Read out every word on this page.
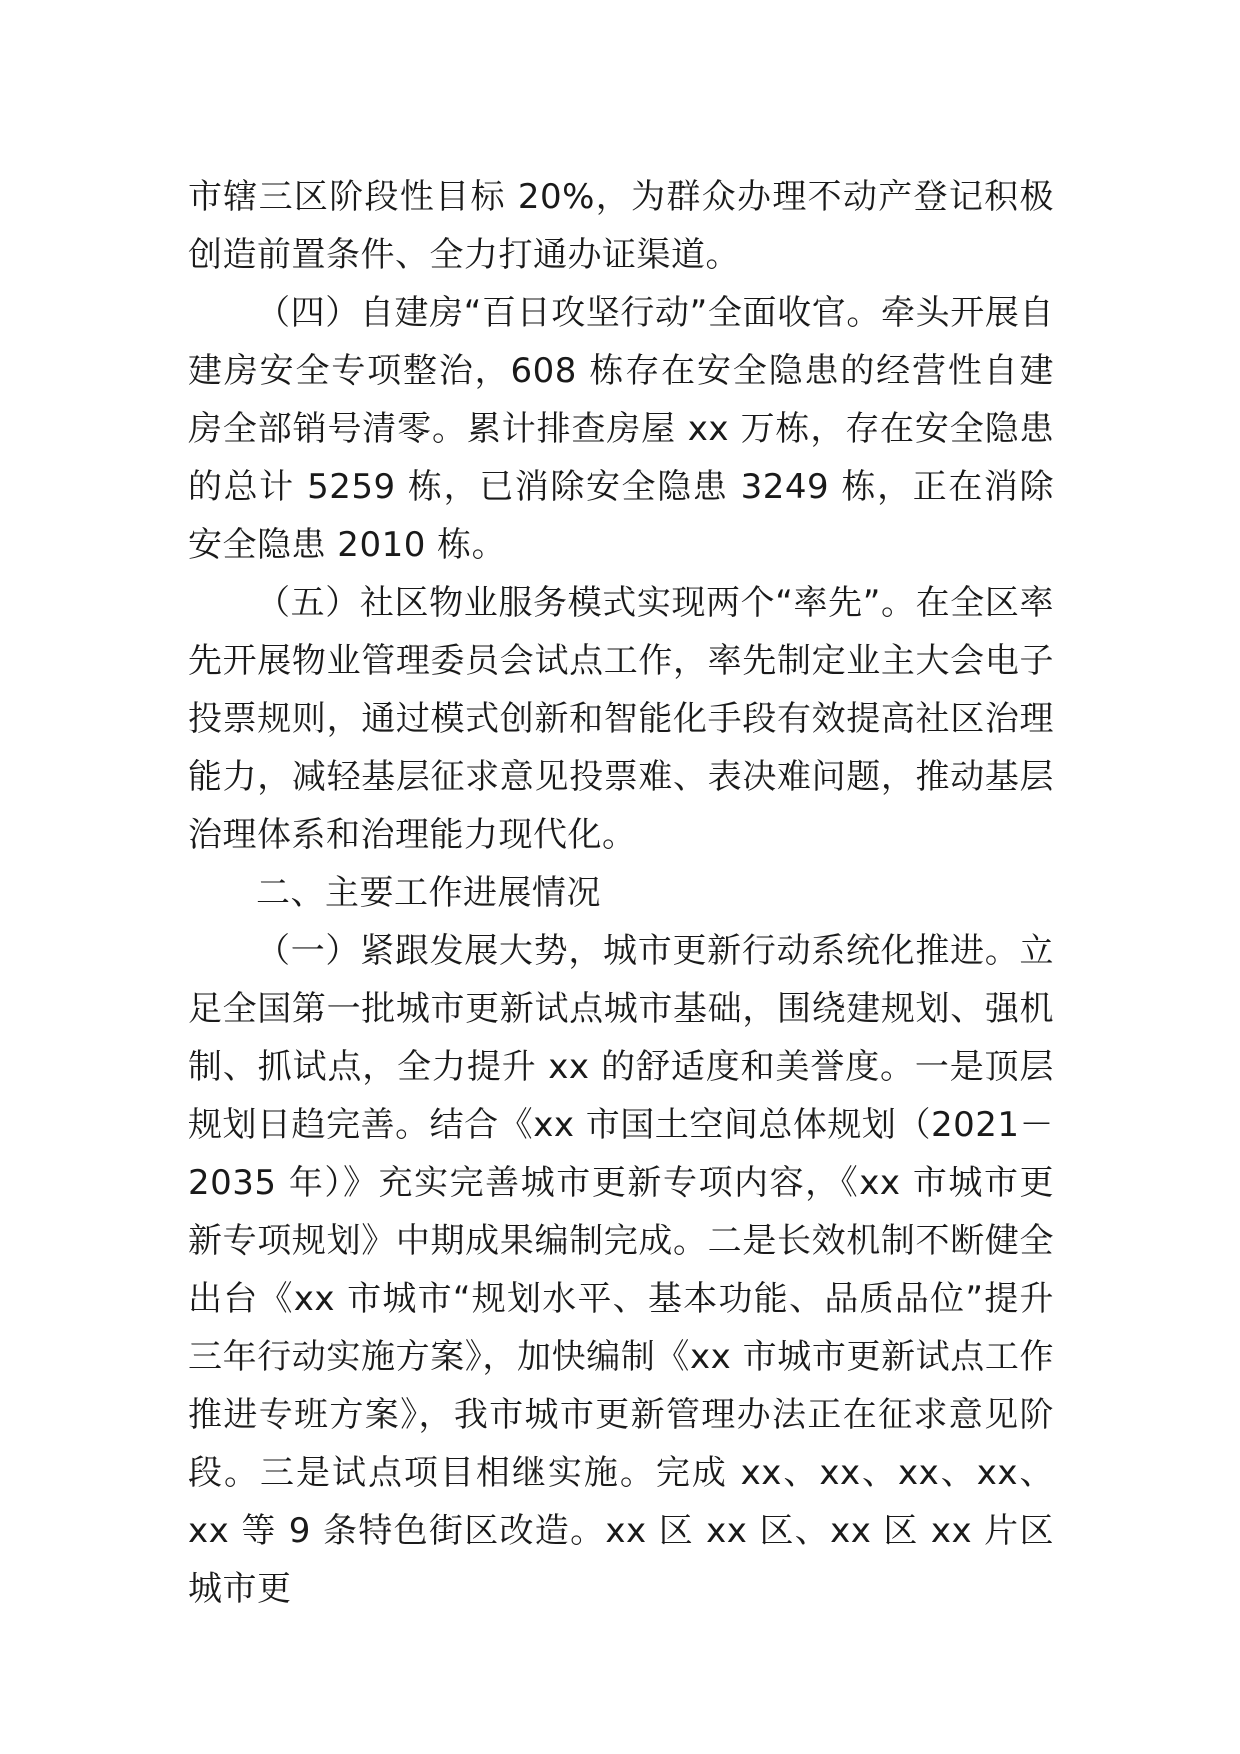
市辖三区阶段性目标 20%，为群众办理不动产登记积极创造前置条件、全力打通办证渠道。

（四）自建房“百日攻坚行动”全面收官。牵头开展自建房安全专项整治，608 栋存在安全隐患的经营性自建房全部销号清零。累计排查房屋 xx 万栋，存在安全隐患的总计 5259 栋，已消除安全隐患 3249 栋，正在消除安全隐患 2010 栋。

（五）社区物业服务模式实现两个“率先”。在全区率先开展物业管理委员会试点工作，率先制定业主大会电子投票规则，通过模式创新和智能化手段有效提高社区治理能力，减轻基层征求意见投票难、表决难问题，推动基层治理体系和治理能力现代化。

二、主要工作进展情况

（一）紧跟发展大势，城市更新行动系统化推进。立足全国第一批城市更新试点城市基础，围绕建规划、强机制、抓试点，全力提升 xx 的舒适度和美誉度。一是顶层规划日趋完善。结合《xx 市国土空间总体规划（2021－2035 年）》充实完善城市更新专项内容，《xx 市城市更新专项规划》中期成果编制完成。二是长效机制不断健全出台《xx 市城市“规划水平、基本功能、品质品位”提升三年行动实施方案》，加快编制《xx 市城市更新试点工作推进专班方案》，我市城市更新管理办法正在征求意见阶段。三是试点项目相继实施。完成 xx、xx、xx、xx、xx 等 9 条特色街区改造。xx 区 xx 区、xx 区 xx 片区城市更
